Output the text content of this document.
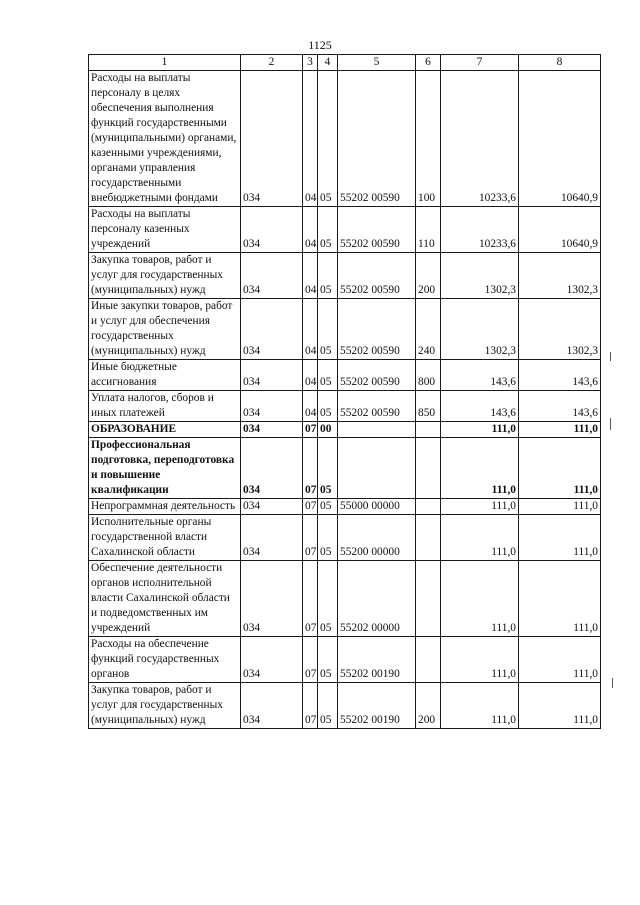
1125
1	2	3	4	5	6	7	8
Расходы на выплаты персоналу в целях обеспечения выполнения функций государственными (муниципальными) органами, казенными учреждениями, органами управления государственными внебюджетными фондами	034	04	05	55202 00590	100	10233,6	10640,9
Расходы на выплаты персоналу казенных учреждений	034	04	05	55202 00590	110	10233,6	10640,9
Закупка товаров, работ и услуг для государственных (муниципальных) нужд	034	04	05	55202 00590	200	1302,3	1302,3
Иные закупки товаров, работ и услуг для обеспечения государственных (муниципальных) нужд	034	04	05	55202 00590	240	1302,3	1302,3
Иные бюджетные ассигнования	034	04	05	55202 00590	800	143,6	143,6
Уплата налогов, сборов и иных платежей	034	04	05	55202 00590	850	143,6	143,6
ОБРАЗОВАНИЕ	034	07	00			111,0	111,0
Профессиональная подготовка, переподготовка и повышение квалификации	034	07	05			111,0	111,0
Непрограммная деятельность	034	07	05	55000 00000		111,0	111,0
Исполнительные органы государственной власти Сахалинской области	034	07	05	55200 00000		111,0	111,0
Обеспечение деятельности органов исполнительной власти Сахалинской области и подведомственных им учреждений	034	07	05	55202 00000		111,0	111,0
Расходы на обеспечение функций государственных органов	034	07	05	55202 00190		111,0	111,0
Закупка товаров, работ и услуг для государственных (муниципальных) нужд	034	07	05	55202 00190	200	111,0	111,0
